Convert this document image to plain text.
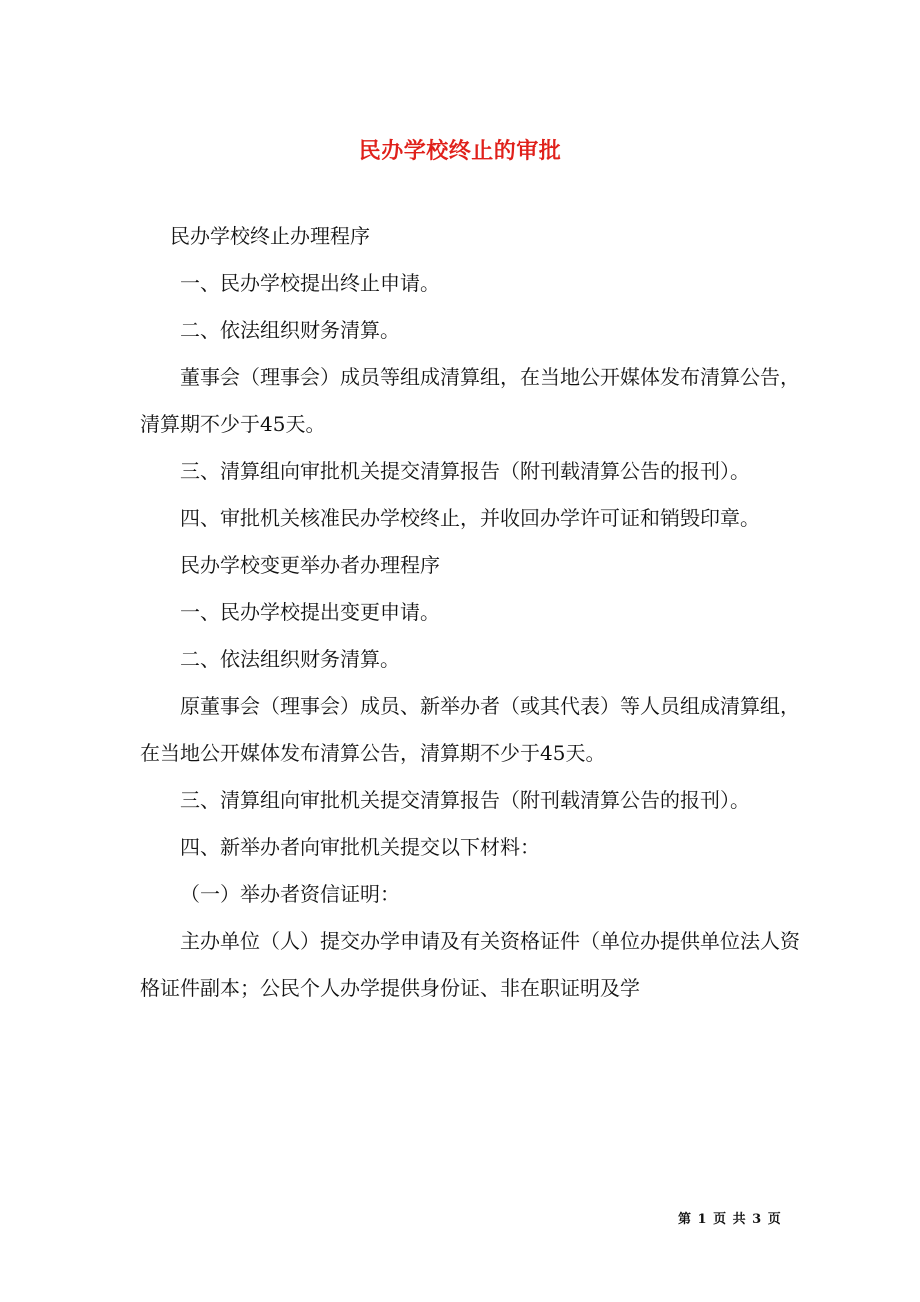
民办学校终止的审批

民办学校终止办理程序

一、民办学校提出终止申请。

二、依法组织财务清算。

董事会（理事会）成员等组成清算组，在当地公开媒体发布清算公告，清算期不少于45天。

三、清算组向审批机关提交清算报告（附刊载清算公告的报刊）。

四、审批机关核准民办学校终止，并收回办学许可证和销毁印章。

民办学校变更举办者办理程序

一、民办学校提出变更申请。

二、依法组织财务清算。

原董事会（理事会）成员、新举办者（或其代表）等人员组成清算组，在当地公开媒体发布清算公告，清算期不少于45天。

三、清算组向审批机关提交清算报告（附刊载清算公告的报刊）。

四、新举办者向审批机关提交以下材料：

（一）举办者资信证明：

主办单位（人）提交办学申请及有关资格证件（单位办提供单位法人资格证件副本；公民个人办学提供身份证、非在职证明及学

第 1 页 共 3 页
